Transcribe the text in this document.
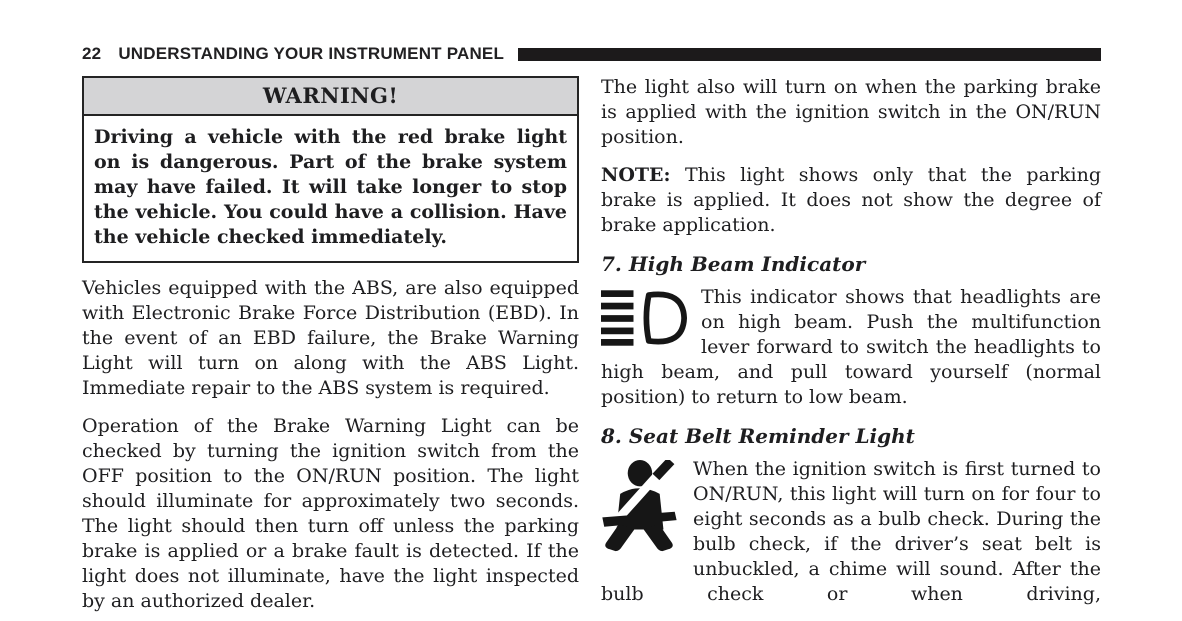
22 UNDERSTANDING YOUR INSTRUMENT PANEL
WARNING!
Driving a vehicle with the red brake light on is dangerous. Part of the brake system may have failed. It will take longer to stop the vehicle. You could have a collision. Have the vehicle checked immediately.

Vehicles equipped with the ABS, are also equipped with Electronic Brake Force Distribution (EBD). In the event of an EBD failure, the Brake Warning Light will turn on along with the ABS Light. Immediate repair to the ABS system is required.

Operation of the Brake Warning Light can be checked by turning the ignition switch from the OFF position to the ON/RUN position. The light should illuminate for approximately two seconds. The light should then turn off unless the parking brake is applied or a brake fault is detected. If the light does not illuminate, have the light inspected by an authorized dealer.

The light also will turn on when the parking brake is applied with the ignition switch in the ON/RUN position.

NOTE: This light shows only that the parking brake is applied. It does not show the degree of brake application.

7. High Beam Indicator

This indicator shows that headlights are on high beam. Push the multifunction lever forward to switch the headlights to high beam, and pull toward yourself (normal position) to return to low beam.

8. Seat Belt Reminder Light

When the ignition switch is first turned to ON/RUN, this light will turn on for four to eight seconds as a bulb check. During the bulb check, if the driver’s seat belt is unbuckled, a chime will sound. After the bulb check or when driving,
